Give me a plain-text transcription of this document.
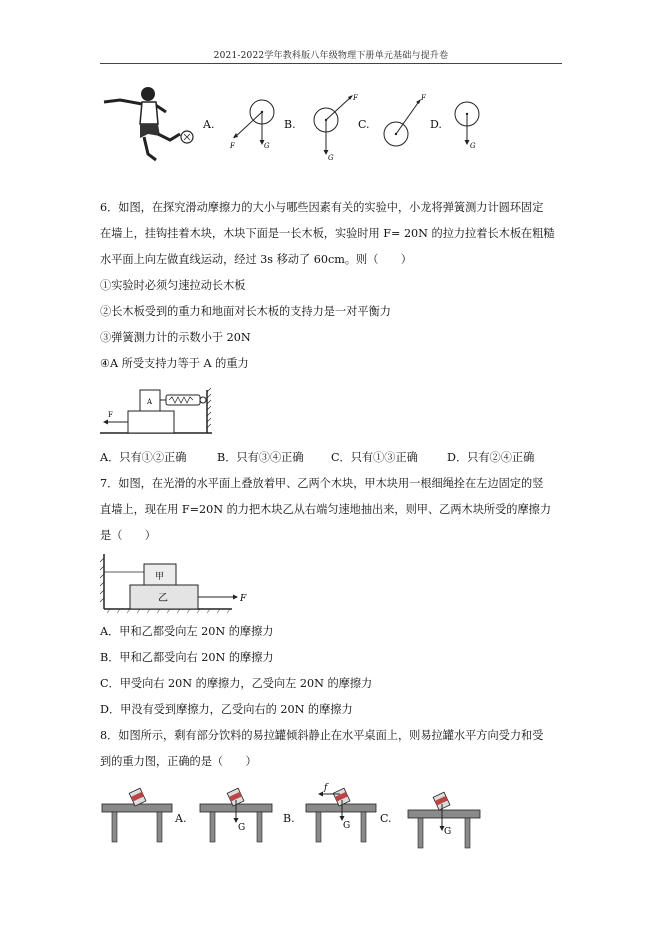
2021-2022学年教科版八年级物理下册单元基础与提升卷
A.
F	G
B.
F
G
C.
F
D.
G
6．如图，在探究滑动摩擦力的大小与哪些因素有关的实验中，小龙将弹簧测力计圆环固定
在墙上，挂钩挂着木块，木块下面是一长木板，实验时用 F= 20N 的拉力拉着长木板在粗糙
水平面上向左做直线运动，经过 3s 移动了 60cm。则（　　）
①实验时必须匀速拉动长木板
②长木板受到的重力和地面对长木板的支持力是一对平衡力
③弹簧测力计的示数小于 20N
④A 所受支持力等于 A 的重力
A
F
A．只有①②正确	B．只有③④正确 C．只有①③正确	D．只有②④正确
7．如图，在光滑的水平面上叠放着甲、乙两个木块，甲木块用一根细绳拴在左边固定的竖
直墙上，现在用 F=20N 的力把木块乙从右端匀速地抽出来，则甲、乙两木块所受的摩擦力
是（　　）
乙
甲
F
A．甲和乙都受向左 20N 的摩擦力
B．甲和乙都受向右 20N 的摩擦力
C．甲受向右 20N 的摩擦力，乙受向左 20N 的摩擦力
D．甲没有受到摩擦力，乙受向右的 20N 的摩擦力
8．如图所示，剩有部分饮料的易拉罐倾斜静止在水平桌面上，则易拉罐水平方向受力和受
到的重力图，正确的是（　　）
A.
G
B.
f
G
C.
G
